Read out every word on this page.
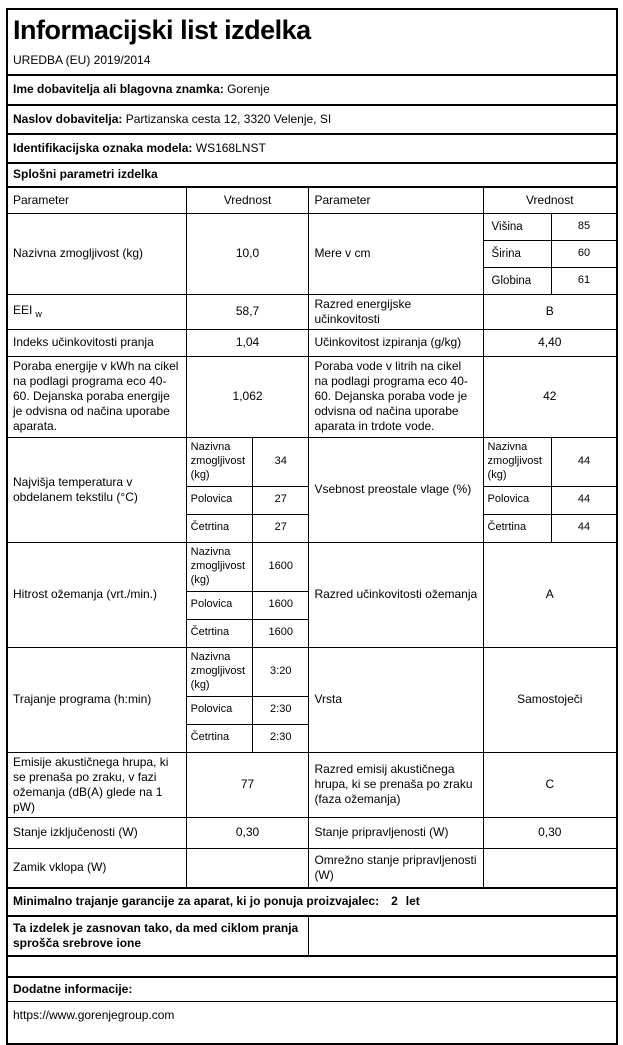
Informacijski list izdelka
UREDBA (EU) 2019/2014

Ime dobavitelja ali blagovna znamka: Gorenje					
Naslov dobavitelja: Partizanska cesta 12, 3320 Velenje, SI					
Identifikacijska oznaka modela: WS168LNST					
Splošni parametri izdelka					
Parameter	Vrednost		Parameter	Vrednost	
Nazivna zmogljivost (kg)	10,0		Mere v cm	Višina	85
				Širina	60
				Globina	61
EEI $_w$	58,7		Razred energijske učinkovitosti	B	
Indeks učinkovitosti pranja	1,04		Učinkovitost izpiranja (g/kg)	4,40	
Poraba energije v kWh na cikel na podlagi programa eco 40-60. Dejanska poraba energije je odvisna od načina uporabe aparata.	1,062		Poraba vode v litrih na cikel na podlagi programa eco 40-60. Dejanska poraba vode je odvisna od načina uporabe aparata in trdote vode.	42	
Najvišja temperatura v obdelanem tekstilu (°C)	Nazivna zmogljivost (kg)	34	Vsebnost preostale vlage (%)	Nazivna zmogljivost (kg)	44
	Polovica	27		Polovica	44
	Četrtina	27		Četrtina	44
Hitrost ožemanja (vrt./min.)	Nazivna zmogljivost (kg)	1600	Razred učinkovitosti ožemanja	A	
	Polovica	1600			
	Četrtina	1600			
Trajanje programa (h:min)	Nazivna zmogljivost (kg)	3:20	Vrsta	Samostoječi	
	Polovica	2:30			
	Četrtina	2:30			
Emisije akustičnega hrupa, ki se prenaša po zraku, v fazi ožemanja (dB(A) glede na 1 pW)	77		Razred emisij akustičnega hrupa, ki se prenaša po zraku (faza ožemanja)	C	
Stanje izključenosti (W)	0,30		Stanje pripravljenosti (W)	0,30	
Zamik vklopa (W)			Omrežno stanje pripravljenosti (W)		
Minimalno trajanje garancije za aparat, ki jo ponuja proizvajalec: 2 let					
Ta izdelek je zasnovan tako, da med ciklom pranja sprošča srebrove ione					

Dodatne informacije:					
https://www.gorenjegroup.com					
